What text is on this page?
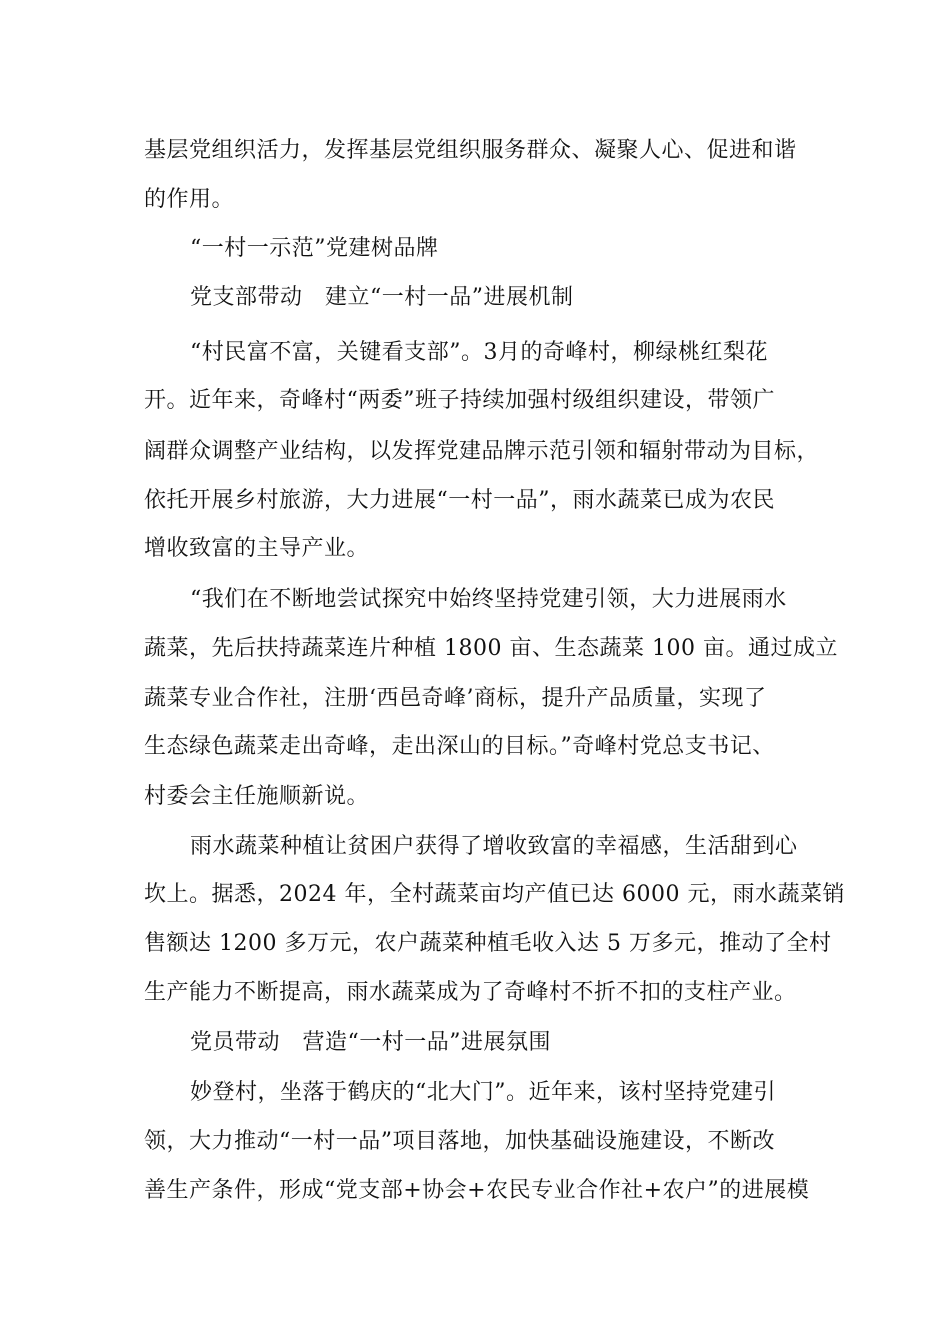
基层党组织活力，发挥基层党组织服务群众、凝聚人心、促进和谐
的作用。
“一村一示范”党建树品牌
党支部带动　建立“一村一品”进展机制
“村民富不富，关键看支部”。3月的奇峰村，柳绿桃红梨花
开。近年来，奇峰村“两委”班子持续加强村级组织建设，带领广
阔群众调整产业结构，以发挥党建品牌示范引领和辐射带动为目标，
依托开展乡村旅游，大力进展“一村一品”，雨水蔬菜已成为农民
增收致富的主导产业。
“我们在不断地尝试探究中始终坚持党建引领，大力进展雨水
蔬菜，先后扶持蔬菜连片种植 1800 亩、生态蔬菜 100 亩。通过成立
蔬菜专业合作社，注册‘西邑奇峰’商标，提升产品质量，实现了
生态绿色蔬菜走出奇峰，走出深山的目标。”奇峰村党总支书记、
村委会主任施顺新说。
雨水蔬菜种植让贫困户获得了增收致富的幸福感，生活甜到心
坎上。据悉，2024 年，全村蔬菜亩均产值已达 6000 元，雨水蔬菜销
售额达 1200 多万元，农户蔬菜种植毛收入达 5 万多元，推动了全村
生产能力不断提高，雨水蔬菜成为了奇峰村不折不扣的支柱产业。
党员带动　营造“一村一品”进展氛围
妙登村，坐落于鹤庆的“北大门”。近年来，该村坚持党建引
领，大力推动“一村一品”项目落地，加快基础设施建设，不断改
善生产条件，形成“党支部+协会+农民专业合作社+农户”的进展模
